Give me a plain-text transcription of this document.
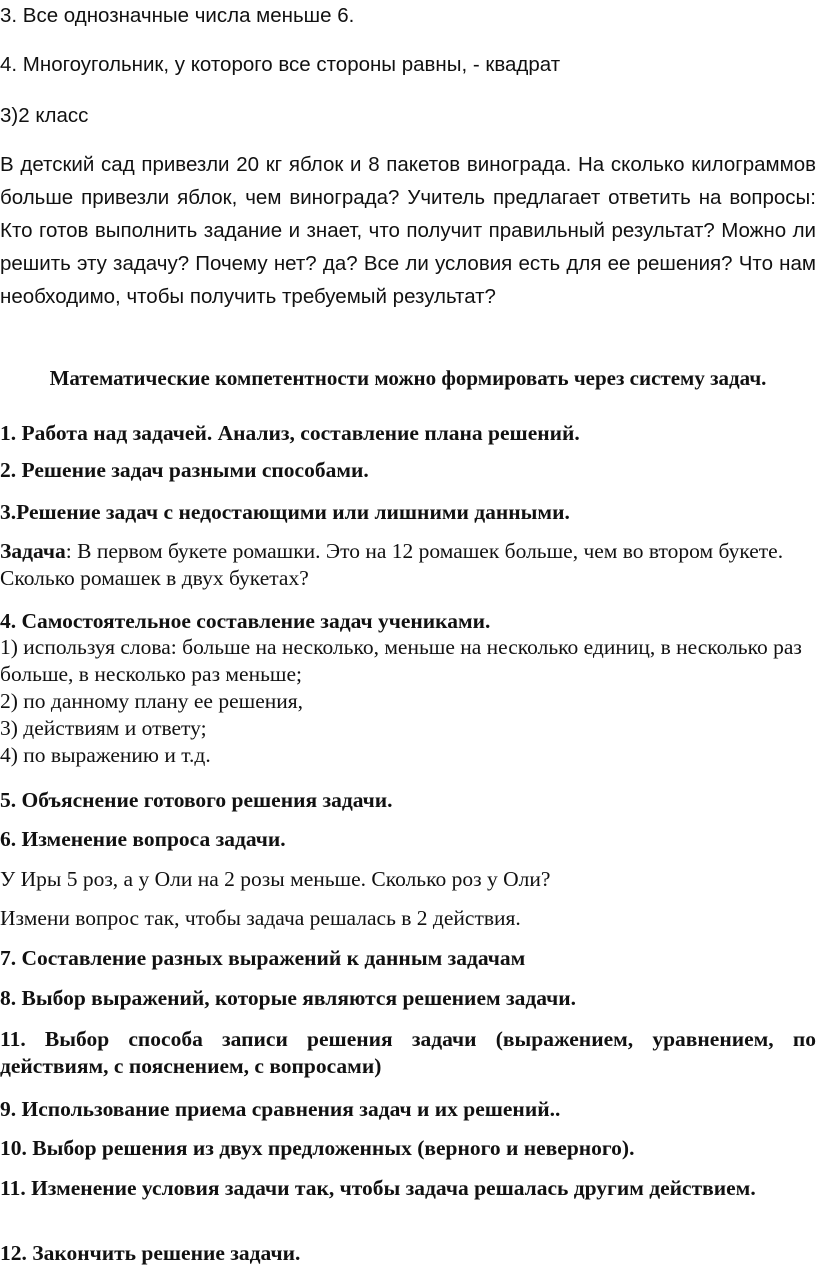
3. Все однозначные числа меньше 6.

4. Многоугольник, у которого все стороны равны, - квадрат

3)2 класс

В детский сад привезли 20 кг яблок и 8 пакетов винограда. На сколько килограммов больше привезли яблок, чем винограда? Учитель предлагает ответить на вопросы: Кто готов выполнить задание и знает, что получит правильный результат? Можно ли решить эту задачу? Почему нет? да? Все ли условия есть для ее решения? Что нам необходимо, чтобы получить требуемый результат?

Математические компетентности можно формировать через систему задач.

1. Работа над задачей. Анализ, составление плана решений.

2. Решение задач разными способами.

3.Решение задач с недостающими или лишними данными.

Задача: В первом букете ромашки. Это на 12 ромашек больше, чем во втором букете. Сколько ромашек в двух букетах?

4. Самостоятельное составление задач учениками.

1) используя слова: больше на несколько, меньше на несколько единиц, в несколько раз больше, в несколько раз меньше;
2) по данному плану ее решения,
3) действиям и ответу;
4) по выражению и т.д.

5. Объяснение готового решения задачи.

6. Изменение вопроса задачи.

У Иры 5 роз, а у Оли на 2 розы меньше. Сколько роз у Оли?

Измени вопрос так, чтобы задача решалась в 2 действия.

7. Составление разных выражений к данным задачам

8. Выбор выражений, которые являются решением задачи.

11. Выбор способа записи решения задачи (выражением, уравнением, по действиям, с пояснением, с вопросами)

9. Использование приема сравнения задач и их решений..

10. Выбор решения из двух предложенных (верного и неверного).

11. Изменение условия задачи так, чтобы задача решалась другим действием.

12. Закончить решение задачи.
